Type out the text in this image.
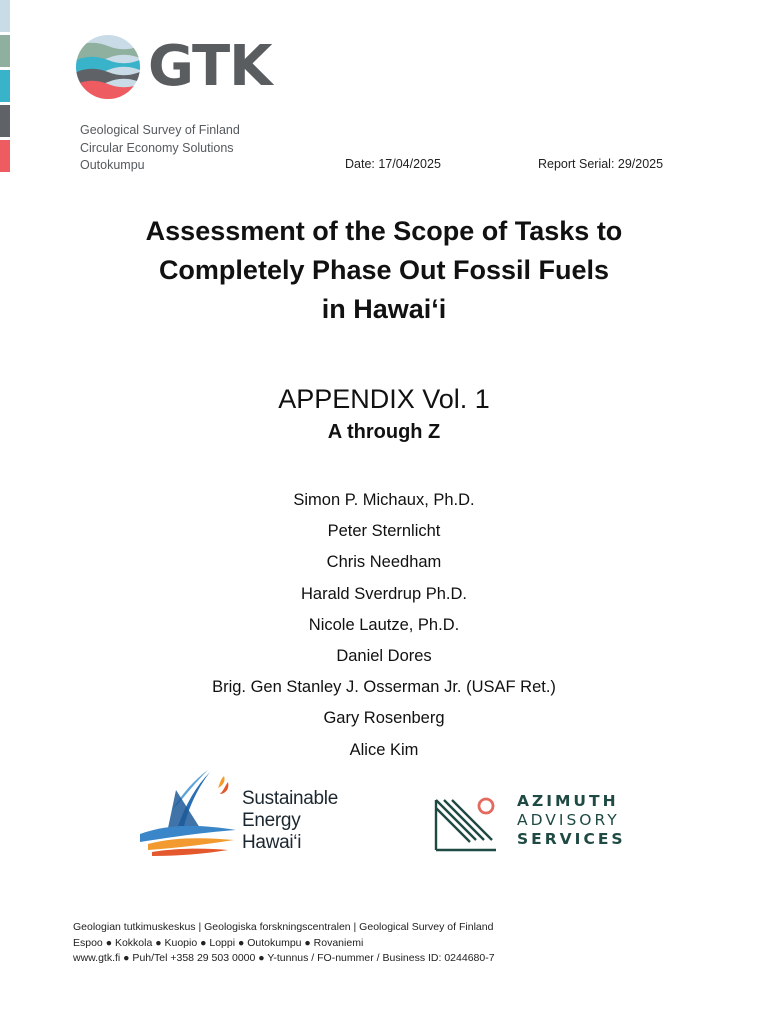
GTK
Geological Survey of Finland
Circular Economy Solutions
Outokumpu	Date: 17/04/2025	Report Serial: 29/2025
Assessment of the Scope of Tasks to
Completely Phase Out Fossil Fuels
in Hawai‘i
APPENDIX Vol. 1
A through Z
Simon P. Michaux, Ph.D.
Peter Sternlicht
Chris Needham
Harald Sverdrup Ph.D.
Nicole Lautze, Ph.D.
Daniel Dores
Brig. Gen Stanley J. Osserman Jr. (USAF Ret.)
Gary Rosenberg
Alice Kim
Sustainable
Energy
Hawai‘i
AZIMUTH
ADVISORY
SERVICES
Geologian tutkimuskeskus | Geologiska forskningscentralen | Geological Survey of Finland
Espoo ● Kokkola ● Kuopio ● Loppi ● Outokumpu ● Rovaniemi
www.gtk.fi ● Puh/Tel +358 29 503 0000 ● Y-tunnus / FO-nummer / Business ID: 0244680-7
